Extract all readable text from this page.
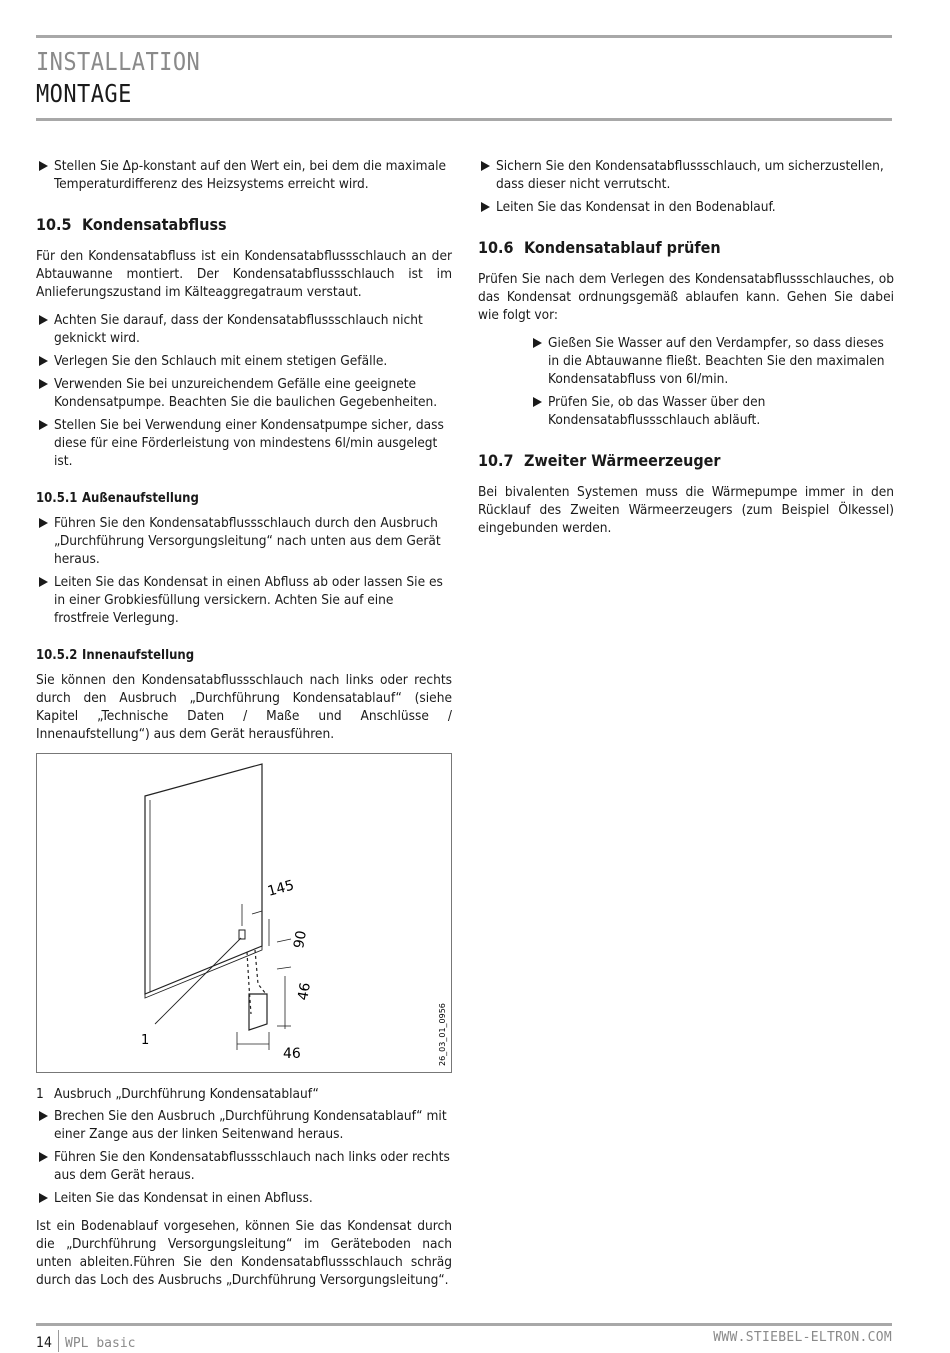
INSTALLATION
MONTAGE
Stellen Sie Δp-konstant auf den Wert ein, bei dem die maximale Temperaturdifferenz des Heizsystems erreicht wird.
10.5 Kondensatabfluss

Für den Kondensatabfluss ist ein Kondensatabflussschlauch an der Abtauwanne montiert. Der Kondensatabflussschlauch ist im Anlieferungszustand im Kälteaggregatraum verstaut.

Achten Sie darauf, dass der Kondensatabflussschlauch nicht geknickt wird.
Verlegen Sie den Schlauch mit einem stetigen Gefälle.
Verwenden Sie bei unzureichendem Gefälle eine geeignete Kondensatpumpe. Beachten Sie die baulichen Gegebenheiten.
Stellen Sie bei Verwendung einer Kondensatpumpe sicher, dass diese für eine Förderleistung von mindestens 6l/min ausgelegt ist.
10.5.1 Außenaufstellung
Führen Sie den Kondensatabflussschlauch durch den Ausbruch „Durchführung Versorgungsleitung“ nach unten aus dem Gerät heraus.
Leiten Sie das Kondensat in einen Abfluss ab oder lassen Sie es in einer Grobkiesfüllung versickern. Achten Sie auf eine frostfreie Verlegung.
10.5.2 Innenaufstellung

Sie können den Kondensatabflussschlauch nach links oder rechts durch den Ausbruch „Durchführung Kondensatablauf“ (siehe Kapitel „Technische Daten / Maße und Anschlüsse / Innenaufstellung“) aus dem Gerät herausführen.

145
90
46
46
1	26_03_01_0956
1 Ausbruch „Durchführung Kondensatablauf“
Brechen Sie den Ausbruch „Durchführung Kondensatablauf“ mit einer Zange aus der linken Seitenwand heraus.
Führen Sie den Kondensatabflussschlauch nach links oder rechts aus dem Gerät heraus.
Leiten Sie das Kondensat in einen Abfluss.

Ist ein Bodenablauf vorgesehen, können Sie das Kondensat durch die „Durchführung Versorgungsleitung“ im Geräteboden nach unten ableiten.Führen Sie den Kondensatabflussschlauch schräg durch das Loch des Ausbruchs „Durchführung Versorgungsleitung“.

Sichern Sie den Kondensatabflussschlauch, um sicherzustellen, dass dieser nicht verrutscht.
Leiten Sie das Kondensat in den Bodenablauf.
10.6 Kondensatablauf prüfen

Prüfen Sie nach dem Verlegen des Kondensatabflussschlauches, ob das Kondensat ordnungsgemäß ablaufen kann. Gehen Sie dabei wie folgt vor:

Gießen Sie Wasser auf den Verdampfer, so dass dieses in die Abtauwanne fließt. Beachten Sie den maximalen Kondensatabfluss von 6l/min.
Prüfen Sie, ob das Wasser über den Kondensatabflussschlauch abläuft.
10.7 Zweiter Wärmeerzeuger

Bei bivalenten Systemen muss die Wärmepumpe immer in den Rücklauf des Zweiten Wärmeerzeugers (zum Beispiel Ölkessel) eingebunden werden.

14 WPL basic	WWW.STIEBEL-ELTRON.COM
